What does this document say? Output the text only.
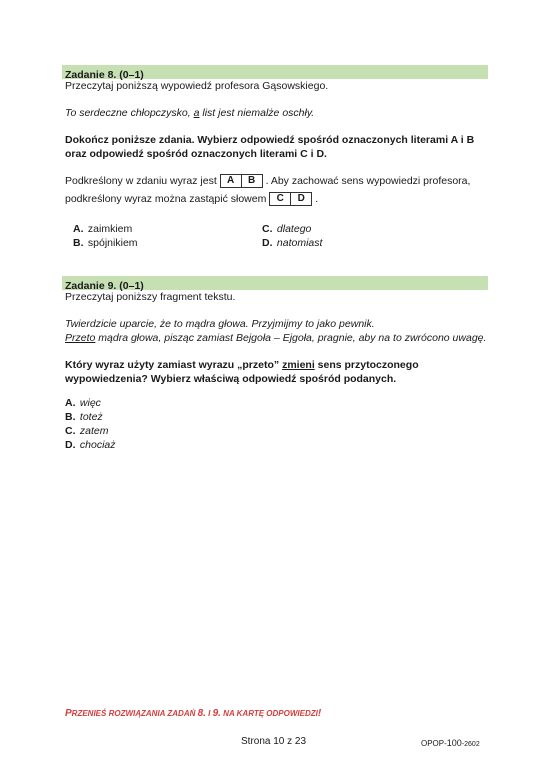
Zadanie 8. (0–1)
Przeczytaj poniższą wypowiedź profesora Gąsowskiego.
To serdeczne chłopczysko, a list jest niemalże oschły.
Dokończ poniższe zdania. Wybierz odpowiedź spośród oznaczonych literami A i B
oraz odpowiedź spośród oznaczonych literami C i D.
Podkreślony w zdaniu wyraz jest	A	B . Aby zachować sens wypowiedzi profesora,
podkreślony wyraz można zastąpić słowem	C	D .
A. zaimkiem
B. spójnikiem
C. dlatego
D. natomiast
Zadanie 9. (0–1)
Przeczytaj poniższy fragment tekstu.
Twierdzicie uparcie, że to mądra głowa. Przyjmijmy to jako pewnik.
Przeto mądra głowa, pisząc zamiast Bejgoła – Ejgoła, pragnie, aby na to zwrócono uwagę.
Który wyraz użyty zamiast wyrazu „przeto” zmieni sens przytoczonego
wypowiedzenia? Wybierz właściwą odpowiedź spośród podanych.
A. więc
B. toteż
C. zatem
D. chociaż
PRZENIEŚ ROZWIĄZANIA ZADAŃ 8. I 9. NA KARTĘ ODPOWIEDZI!
Strona 10 z 23	OPOP-100-2602
